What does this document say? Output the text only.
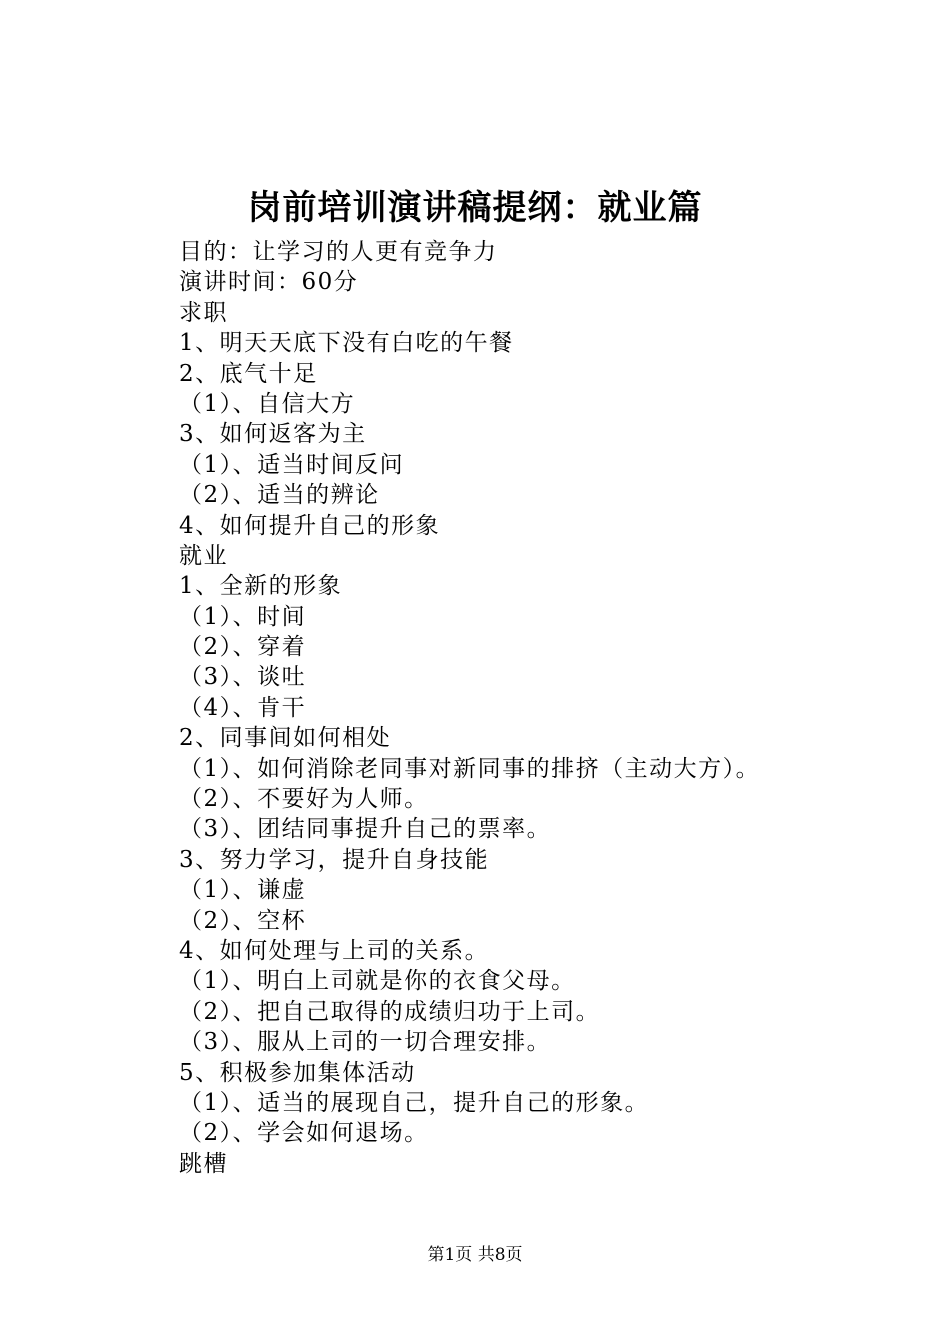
岗前培训演讲稿提纲：就业篇
目的：让学习的人更有竞争力
演讲时间：60分
求职
1、明天天底下没有白吃的午餐
2、底气十足
（1）、自信大方
3、如何返客为主
（1）、适当时间反问
（2）、适当的辨论
4、如何提升自己的形象
就业
1、全新的形象
（1）、时间
（2）、穿着
（3）、谈吐
（4）、肯干
2、同事间如何相处
（1）、如何消除老同事对新同事的排挤（主动大方）。
（2）、不要好为人师。
（3）、团结同事提升自己的票率。
3、努力学习，提升自身技能
（1）、谦虚
（2）、空杯
4、如何处理与上司的关系。
（1）、明白上司就是你的衣食父母。
（2）、把自己取得的成绩归功于上司。
（3）、服从上司的一切合理安排。
5、积极参加集体活动
（1）、适当的展现自己，提升自己的形象。
（2）、学会如何退场。
跳槽
第1页 共8页
